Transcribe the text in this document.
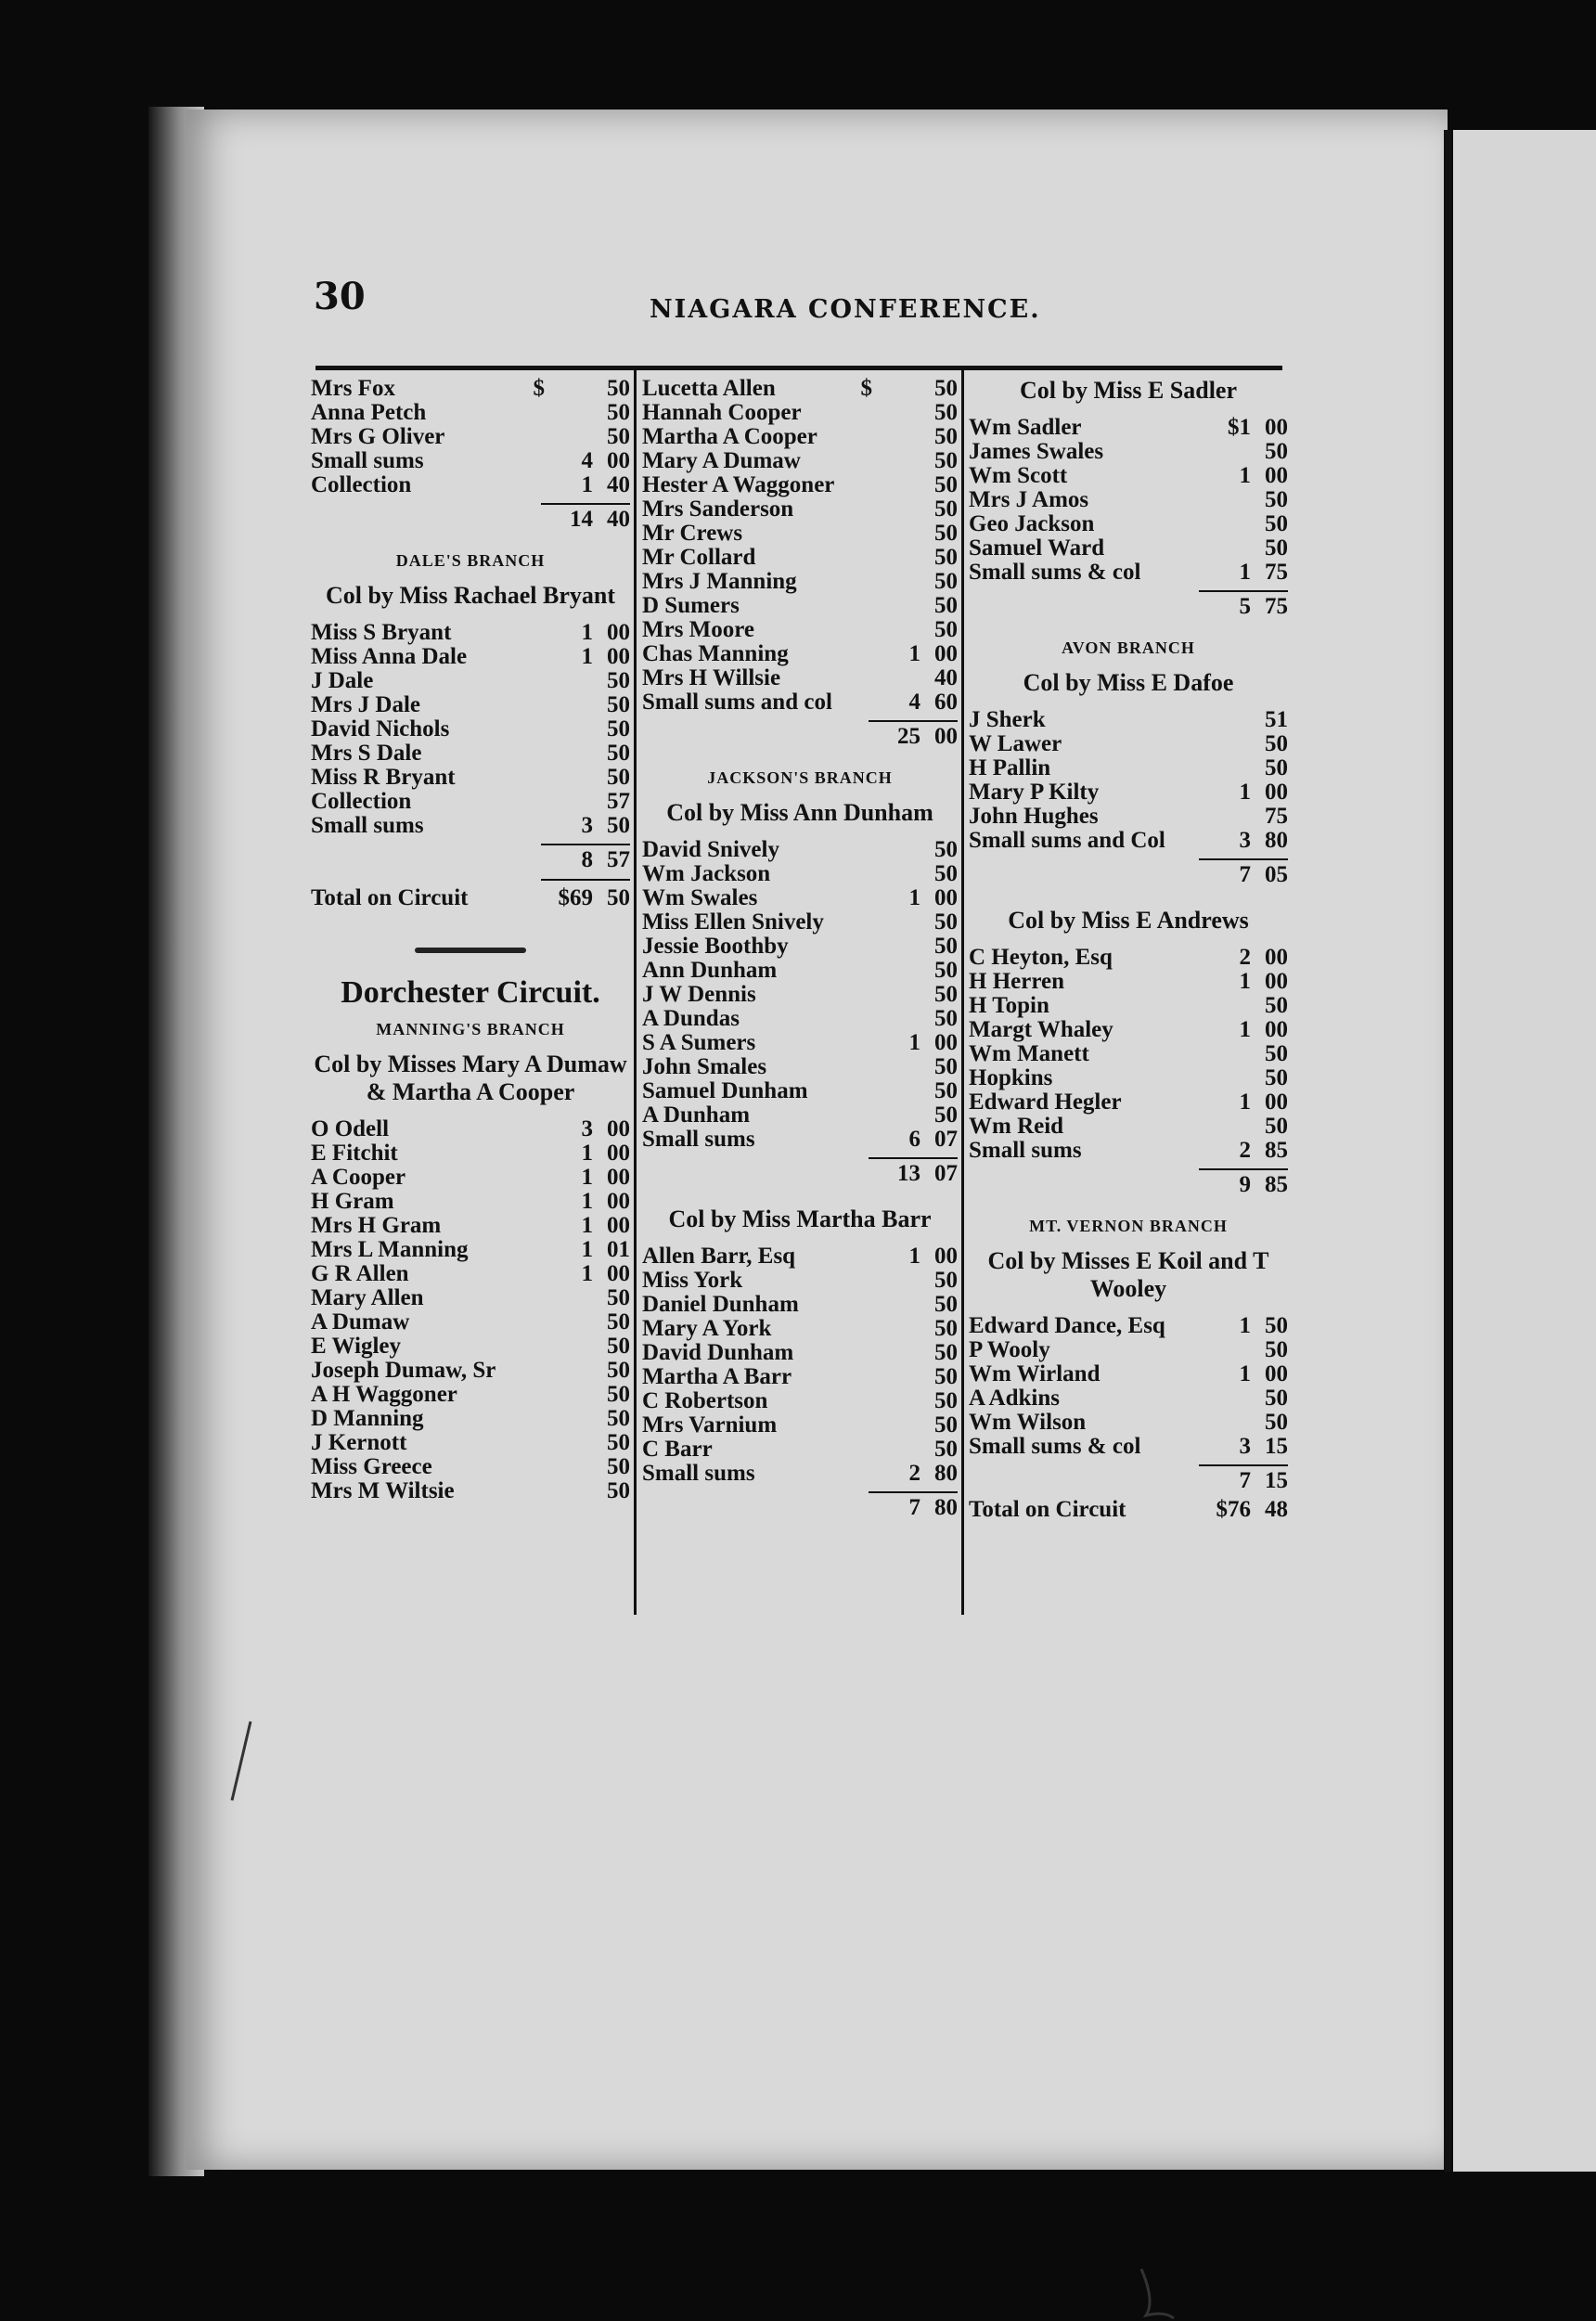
30	NIAGARA CONFERENCE.
Mrs Fox	$	50
Anna Petch	50
Mrs G Oliver	50
Small sums	4 00
Collection	1 40
14 40
DALE'S BRANCH
Col by Miss Rachael Bryant
Miss S Bryant	1 00
Miss Anna Dale	1 00
J Dale	50
Mrs J Dale	50
David Nichols	50
Mrs S Dale	50
Miss R Bryant	50
Collection	57
Small sums	3 50
8 57
Total on Circuit	$69 50
Dorchester Circuit.
MANNING'S BRANCH
Col by Misses Mary A Dumaw & Martha A Cooper
O Odell	3 00
E Fitchit	1 00
A Cooper	1 00
H Gram	1 00
Mrs H Gram	1 00
Mrs L Manning	1 01
G R Allen	1 00
Mary Allen	50
A Dumaw	50
E Wigley	50
Joseph Dumaw, Sr	50
A H Waggoner	50
D Manning	50
J Kernott	50
Miss Greece	50
Mrs M Wiltsie	50
Lucetta Allen	$	50
Hannah Cooper	50
Martha A Cooper	50
Mary A Dumaw	50
Hester A Waggoner	50
Mrs Sanderson	50
Mr Crews	50
Mr Collard	50
Mrs J Manning	50
D Sumers	50
Mrs Moore	50
Chas Manning	1 00
Mrs H Willsie	40
Small sums and col	4 60
25 00
JACKSON'S BRANCH
Col by Miss Ann Dunham
David Snively	50
Wm Jackson	50
Wm Swales	1 00
Miss Ellen Snively	50
Jessie Boothby	50
Ann Dunham	50
J W Dennis	50
A Dundas	50
S A Sumers	1 00
John Smales	50
Samuel Dunham	50
A Dunham	50
Small sums	6 07
13 07
Col by Miss Martha Barr
Allen Barr, Esq	1 00
Miss York	50
Daniel Dunham	50
Mary A York	50
David Dunham	50
Martha A Barr	50
C Robertson	50
Mrs Varnium	50
C Barr	50
Small sums	2 80
7 80
Col by Miss E Sadler
Wm Sadler	$1 00
James Swales	50
Wm Scott	1 00
Mrs J Amos	50
Geo Jackson	50
Samuel Ward	50
Small sums & col	1 75
5 75
AVON BRANCH
Col by Miss E Dafoe
J Sherk	51
W Lawer	50
H Pallin	50
Mary P Kilty	1 00
John Hughes	75
Small sums and Col	3 80
7 05
Col by Miss E Andrews
C Heyton, Esq	2 00
H Herren	1 00
H Topin	50
Margt Whaley	1 00
Wm Manett	50
Hopkins	50
Edward Hegler	1 00
Wm Reid	50
Small sums	2 85
9 85
MT. VERNON BRANCH
Col by Misses E Koil and T Wooley
Edward Dance, Esq	1 50
P Wooly	50
Wm Wirland	1 00
A Adkins	50
Wm Wilson	50
Small sums & col	3 15
7 15
Total on Circuit	$76 48
